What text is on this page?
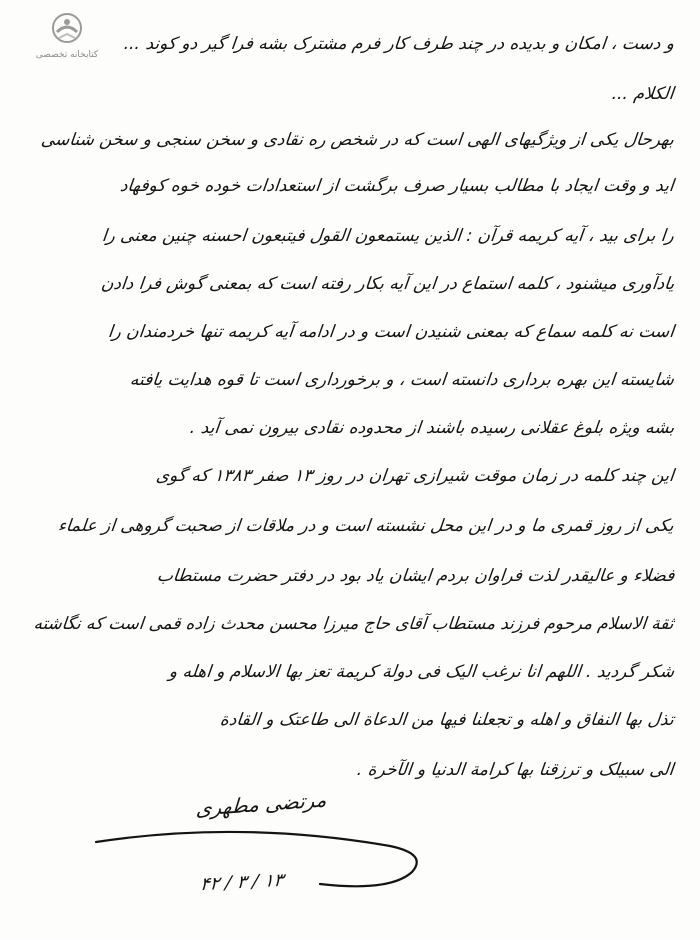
کتابخانه تخصصی
و دست ، امکان و بدیده در چند طرف کار فرم مشترک بشه فرا گیر دو کوند ...
الکلام ...
بهرحال یکی از ویژگیهای الهی است که در شخص ره نقادی و سخن سنجی و سخن شناسی
اید و وقت ایجاد با مطالب بسیار صرف برگشت از استعدادات خوده خوه کوفهاد
را برای بید ، آیه کریمه قرآن : الذین یستمعون القول فیتبعون احسنه چنین معنی را
یادآوری میشنود ، کلمه استماع در این آیه بکار رفته است که بمعنی گوش فرا دادن
است نه کلمه سماع که بمعنی شنیدن است و در ادامه آیه کریمه تنها خردمندان را
شایسته این بهره برداری دانسته است ، و برخورداری است تا قوه هدایت یافته
بشه ویژه بلوغ عقلانی رسیده باشند از محدوده نقادی بیرون نمی آید .
این چند کلمه در زمان موقت شیرازی تهران در روز ۱۳ صفر ۱۳۸۳ که گوی
یکی از روز قمری ما و در این محل نشسته است و در ملاقات از صحبت گروهی از علماء
فضلاء و عالیقدر لذت فراوان بردم ایشان یاد بود در دفتر حضرت مستطاب
ثقة الاسلام مرحوم فرزند مستطاب آقای حاج میرزا محسن محدث زاده قمی است که نگاشته
شکر گردید . اللهم انا نرغب الیک فی دولة کریمة تعز بها الاسلام و اهله و
تذل بها النفاق و اهله و تجعلنا فیها من الدعاة الی طاعتک و القادة
الی سبیلک و ترزقنا بها کرامة الدنیا و الآخرة .
مرتضی مطهری
۱۳ / ۳ / ۴۲
